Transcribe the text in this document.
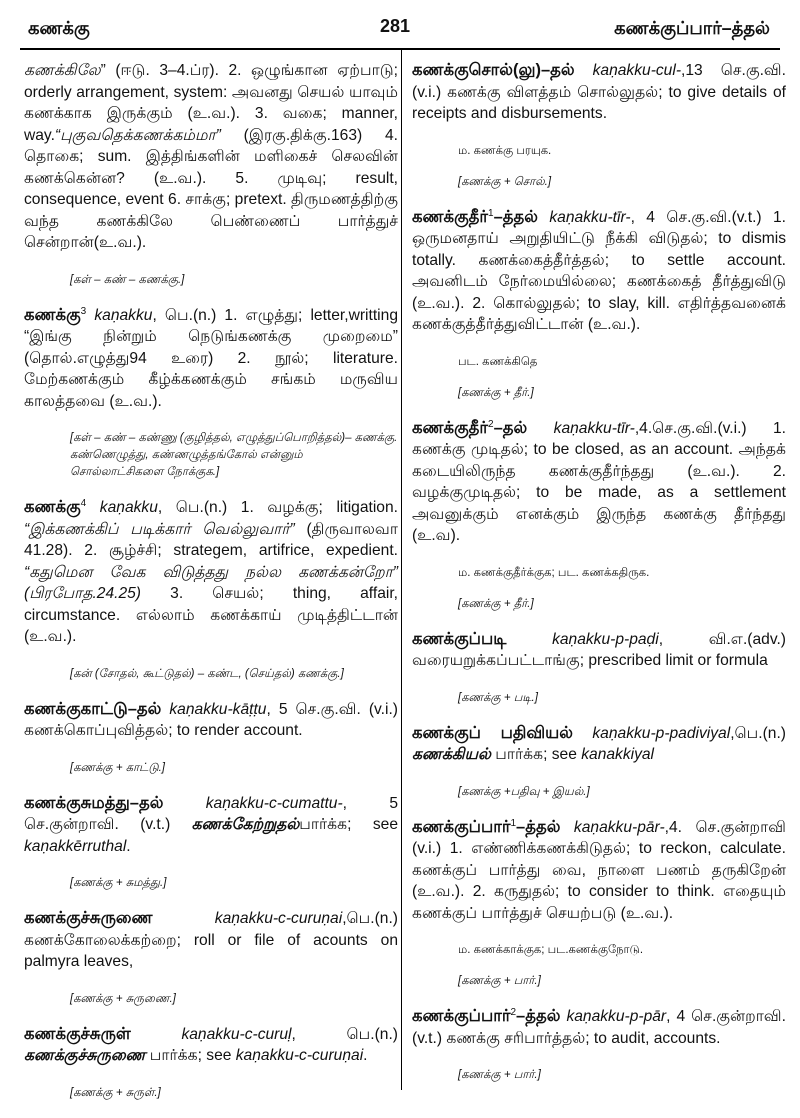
கணக்கு	281	கணக்குப்பார்–த்தல்

கணக்கிலே” (ஈடு. 3–4.ப்ர). 2. ஒழுங்கான ஏற்பாடு; orderly arrangement, system: அவனது செயல் யாவும் கணக்காக இருக்கும் (உ.வ.). 3. வகை; manner, way.“புகுவதெக்கணக்கம்மா” (இரகு.திக்கு.163) 4. தொகை; sum. இத்திங்களின் மளிகைச் செலவின் கணக்கென்ன? (உ.வ.). 5. முடிவு; result, consequence, event 6. சாக்கு; pretext. திருமணத்திற்கு வந்த கணக்கிலே பெண்ணைப் பார்த்துச் சென்றான்(உ.வ.).

[கள் – கண் – கணக்கு.]

கணக்கு$^3$ kaṇakku, பெ.(n.) 1. எழுத்து; letter,writting “இங்கு நின்றும் நெடுங்கணக்கு முறைமை” (தொல்.எழுத்து94 உரை) 2. நூல்; literature. மேற்கணக்கும் கீழ்க்கணக்கும் சங்கம் மருவிய காலத்தவை (உ.வ.).

[கள் – கண் – கண்ணு (குழித்தல், எழுத்துப்பொறித்தல்)– கணக்கு. கண்ணெழுத்து, கண்ணழுத்தங்கோல் என்னும் சொல்லாட்சிகளை நோக்குக.]

கணக்கு$^4$ kaṇakku, பெ.(n.) 1. வழக்கு; litigation. “இக்கணக்கிப் படிக்கார் வெல்லுவார்” (திருவாலவா 41.28). 2. சூழ்ச்சி; strategem, artifrice, expedient. “கதுமென வேக விடுத்தது நல்ல கணக்கன்றோ” (பிரபோத.24.25) 3. செயல்; thing, affair, circumstance. எல்லாம் கணக்காய் முடித்திட்டான் (உ.வ.).

[கன் (சோதல், கூட்டுதல்) – கண்ட, (செய்தல்) கணக்கு.]

கணக்குகாட்டு–தல் kaṇakku-kāṭṭu, 5 செ.கு.வி. (v.i.) கணக்கொப்புவித்தல்; to render account.

[கணக்கு + காட்டு.]

கணக்குசுமத்து–தல்	kaṇakku-c-cumattu-, 5 செ.குன்றாவி. (v.t.) கணக்கேற்றுதல்பார்க்க; see kaṇakkērruthal.

[கணக்கு + சுமத்து.]

கணக்குச்சுருணை	kaṇakku-c-curuṇai,பெ.(n.) கணக்கோலைக்கற்றை; roll or file of acounts on palmyra leaves,

[கணக்கு + சுருணை.]

கணக்குச்சுருள்	kaṇakku-c-curuḷ, பெ.(n.) கணக்குச்சுருணை பார்க்க; see kaṇakku-c-curuṇai.

[கணக்கு + சுருள்.]

கணக்குசொல்(லு)–தல் kaṇakku-cul-,13 செ.கு.வி. (v.i.) கணக்கு விளத்தம் சொல்லுதல்; to give details of receipts and disbursements.

ம. கணக்கு பரயுக.
[கணக்கு + சொல்.]

கணக்குதீர்$^1$–த்தல் kaṇakku-tīr-, 4 செ.கு.வி.(v.t.) 1. ஒருமனதாய் அறுதியிட்டு நீக்கி விடுதல்; to dismis totally. கணக்கைத்தீர்த்தல்; to settle account. அவனிடம் நேர்மையில்லை; கணக்கைத் தீர்த்துவிடு (உ.வ.). 2. கொல்லுதல்; to slay, kill. எதிர்த்தவனைக் கணக்குத்தீர்த்துவிட்டான் (உ.வ.).

பட. கணக்கிதெ
[கணக்கு + தீர்.]

கணக்குதீர்$^2$–தல் kaṇakku-tīr-,4.செ.கு.வி.(v.i.) 1. கணக்கு முடிதல்; to be closed, as an account. அந்தக் கடையிலிருந்த கணக்குதீர்ந்தது (உ.வ.). 2. வழக்குமுடிதல்; to be made, as a settlement அவனுக்கும் எனக்கும் இருந்த கணக்கு தீர்ந்தது (உ.வ).

ம. கணக்குதீர்க்குக; பட. கணக்கதிருக.
[கணக்கு + தீர்.]

கணக்குப்படி	kaṇakku-p-paḍi, வி.எ.(adv.) வரையறுக்கப்பட்டாங்கு; prescribed limit or formula

[கணக்கு + படி.]

கணக்குப் பதிவியல் kaṇakku-p-padiviyal,பெ.(n.) கணக்கியல் பார்க்க; see kanakkiyal

[கணக்கு +பதிவு + இயல்.]

கணக்குப்பார்$^1$–த்தல் kaṇakku-pār-,4. செ.குன்றாவி (v.i.) 1. எண்ணிக்கணக்கிடுதல்; to reckon, calculate. கணக்குப் பார்த்து வை, நாளை பணம் தருகிறேன் (உ.வ.). 2. கருதுதல்; to consider to think. எதையும் கணக்குப் பார்த்துச் செயற்படு (உ.வ.).

ம. கணக்காக்குக; பட.கணக்குநோடு.
[கணக்கு + பார்.]

கணக்குப்பார்$^2$–த்தல் kaṇakku-p-pār, 4 செ.குன்றாவி. (v.t.) கணக்கு சரிபார்த்தல்; to audit, accounts.

[கணக்கு + பார்.]
